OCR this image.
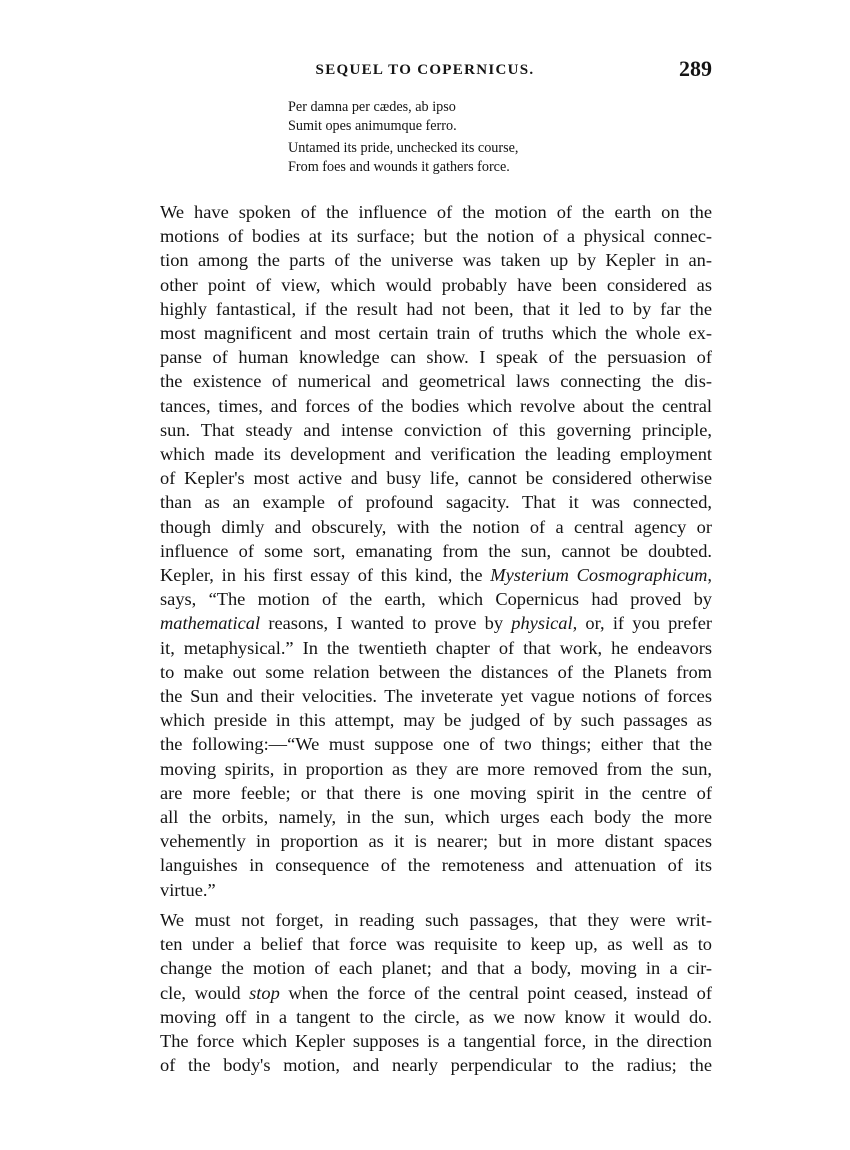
SEQUEL TO COPERNICUS.	289
Per damna per cædes, ab ipso
Sumit opes animumque ferro.
Untamed its pride, unchecked its course,
From foes and wounds it gathers force.
We have spoken of the influence of the motion of the earth on the
motions of bodies at its surface; but the notion of a physical connec-
tion among the parts of the universe was taken up by Kepler in an-
other point of view, which would probably have been considered as
highly fantastical, if the result had not been, that it led to by far the
most magnificent and most certain train of truths which the whole ex-
panse of human knowledge can show. I speak of the persuasion of
the existence of numerical and geometrical laws connecting the dis-
tances, times, and forces of the bodies which revolve about the central
sun. That steady and intense conviction of this governing principle,
which made its development and verification the leading employment
of Kepler's most active and busy life, cannot be considered otherwise
than as an example of profound sagacity. That it was connected,
though dimly and obscurely, with the notion of a central agency or
influence of some sort, emanating from the sun, cannot be doubted.
Kepler, in his first essay of this kind, the Mysterium Cosmographicum,
says, “The motion of the earth, which Copernicus had proved by
mathematical reasons, I wanted to prove by physical, or, if you prefer
it, metaphysical.” In the twentieth chapter of that work, he endeavors
to make out some relation between the distances of the Planets from
the Sun and their velocities. The inveterate yet vague notions of forces
which preside in this attempt, may be judged of by such passages as
the following:—“We must suppose one of two things; either that the
moving spirits, in proportion as they are more removed from the sun,
are more feeble; or that there is one moving spirit in the centre of
all the orbits, namely, in the sun, which urges each body the more
vehemently in proportion as it is nearer; but in more distant spaces
languishes in consequence of the remoteness and attenuation of its
virtue.”
We must not forget, in reading such passages, that they were writ-
ten under a belief that force was requisite to keep up, as well as to
change the motion of each planet; and that a body, moving in a cir-
cle, would stop when the force of the central point ceased, instead of
moving off in a tangent to the circle, as we now know it would do.
The force which Kepler supposes is a tangential force, in the direction
of the body's motion, and nearly perpendicular to the radius; the
